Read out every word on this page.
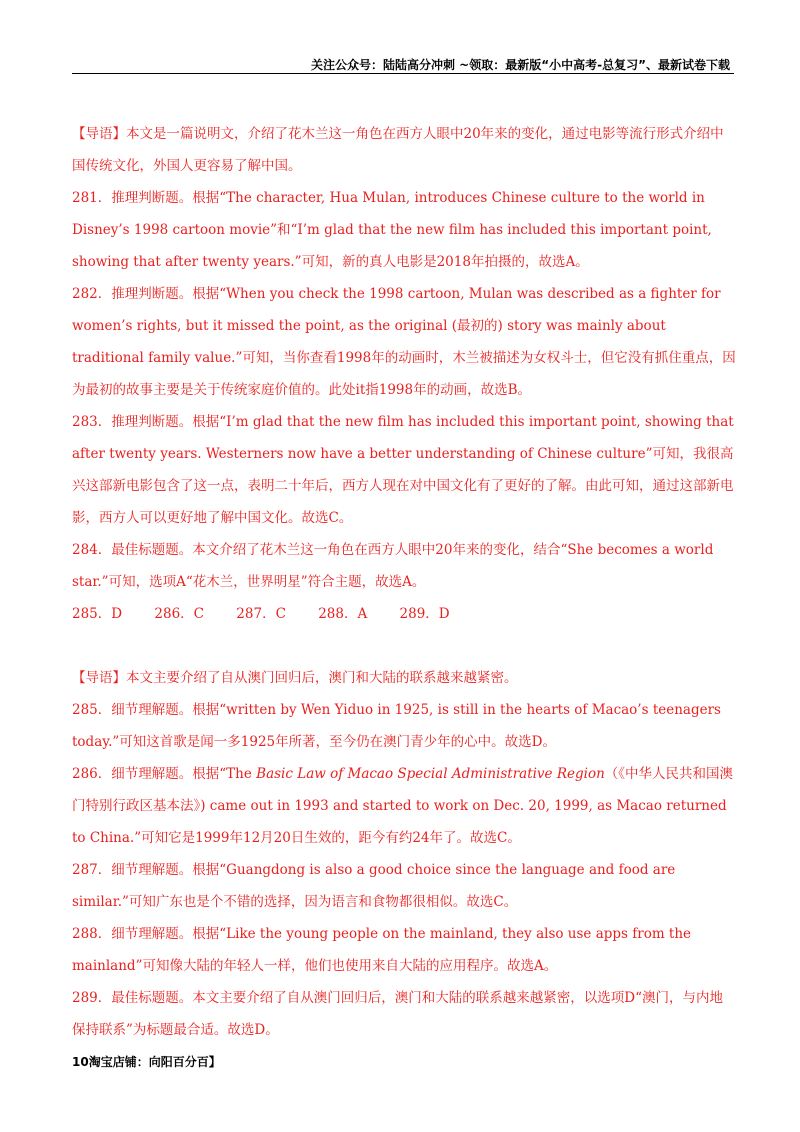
关注公众号：陆陆高分冲刺 ~领取：最新版“小中高考-总复习”、最新试卷下载

【导语】本文是一篇说明文，介绍了花木兰这一角色在西方人眼中20年来的变化，通过电影等流行形式介绍中国传统文化，外国人更容易了解中国。

281．推理判断题。根据“The character, Hua Mulan, introduces Chinese culture to the world in Disney’s 1998 cartoon movie”和“I’m glad that the new film has included this important point, showing that after twenty years.”可知，新的真人电影是2018年拍摄的，故选A。

282．推理判断题。根据“When you check the 1998 cartoon, Mulan was described as a fighter for women’s rights, but it missed the point, as the original (最初的) story was mainly about traditional family value.”可知，当你查看1998年的动画时，木兰被描述为女权斗士，但它没有抓住重点，因为最初的故事主要是关于传统家庭价值的。此处it指1998年的动画，故选B。

283．推理判断题。根据“I’m glad that the new film has included this important point, showing that after twenty years. Westerners now have a better understanding of Chinese culture”可知，我很高兴这部新电影包含了这一点，表明二十年后，西方人现在对中国文化有了更好的了解。由此可知，通过这部新电影，西方人可以更好地了解中国文化。故选C。

284．最佳标题题。本文介绍了花木兰这一角色在西方人眼中20年来的变化，结合“She becomes a world star.”可知，选项A“花木兰，世界明星”符合主题，故选A。

285．D 286．C 287．C 288．A 289．D

【导语】本文主要介绍了自从澳门回归后，澳门和大陆的联系越来越紧密。

285．细节理解题。根据“written by Wen Yiduo in 1925, is still in the hearts of Macao’s teenagers today.”可知这首歌是闻一多1925年所著，至今仍在澳门青少年的心中。故选D。

286．细节理解题。根据“The Basic Law of Macao Special Administrative Region（《中华人民共和国澳门特别行政区基本法》) came out in 1993 and started to work on Dec. 20, 1999, as Macao returned to China.”可知它是1999年12月20日生效的，距今有约24年了。故选C。

287．细节理解题。根据“Guangdong is also a good choice since the language and food are similar.”可知广东也是个不错的选择，因为语言和食物都很相似。故选C。

288．细节理解题。根据“Like the young people on the mainland, they also use apps from the mainland”可知像大陆的年轻人一样，他们也使用来自大陆的应用程序。故选A。

289．最佳标题题。本文主要介绍了自从澳门回归后，澳门和大陆的联系越来越紧密，以选项D“澳门，与内地保持联系”为标题最合适。故选D。

10淘宝店铺：向阳百分百】
